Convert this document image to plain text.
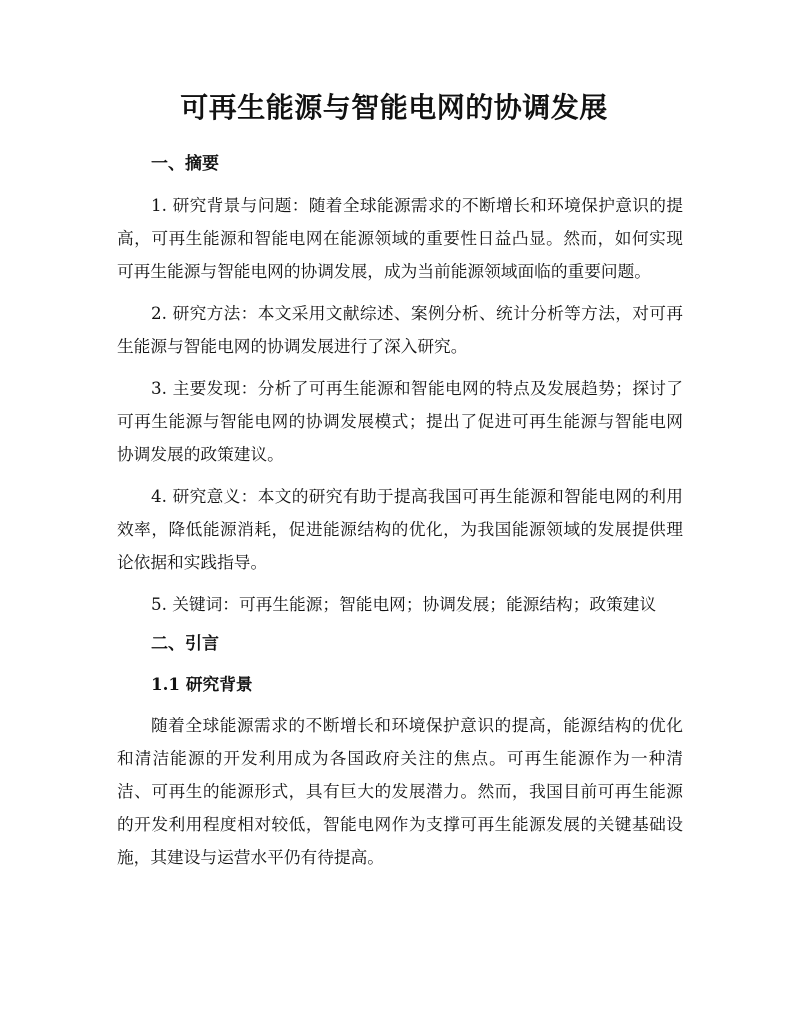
可再生能源与智能电网的协调发展
一、摘要

1. 研究背景与问题：随着全球能源需求的不断增长和环境保护意识的提高，可再生能源和智能电网在能源领域的重要性日益凸显。然而，如何实现可再生能源与智能电网的协调发展，成为当前能源领域面临的重要问题。

2. 研究方法：本文采用文献综述、案例分析、统计分析等方法，对可再生能源与智能电网的协调发展进行了深入研究。

3. 主要发现：分析了可再生能源和智能电网的特点及发展趋势；探讨了可再生能源与智能电网的协调发展模式；提出了促进可再生能源与智能电网协调发展的政策建议。

4. 研究意义：本文的研究有助于提高我国可再生能源和智能电网的利用效率，降低能源消耗，促进能源结构的优化，为我国能源领域的发展提供理论依据和实践指导。

5. 关键词：可再生能源；智能电网；协调发展；能源结构；政策建议

二、引言
1.1 研究背景

随着全球能源需求的不断增长和环境保护意识的提高，能源结构的优化和清洁能源的开发利用成为各国政府关注的焦点。可再生能源作为一种清洁、可再生的能源形式，具有巨大的发展潜力。然而，我国目前可再生能源的开发利用程度相对较低，智能电网作为支撑可再生能源发展的关键基础设施，其建设与运营水平仍有待提高。
